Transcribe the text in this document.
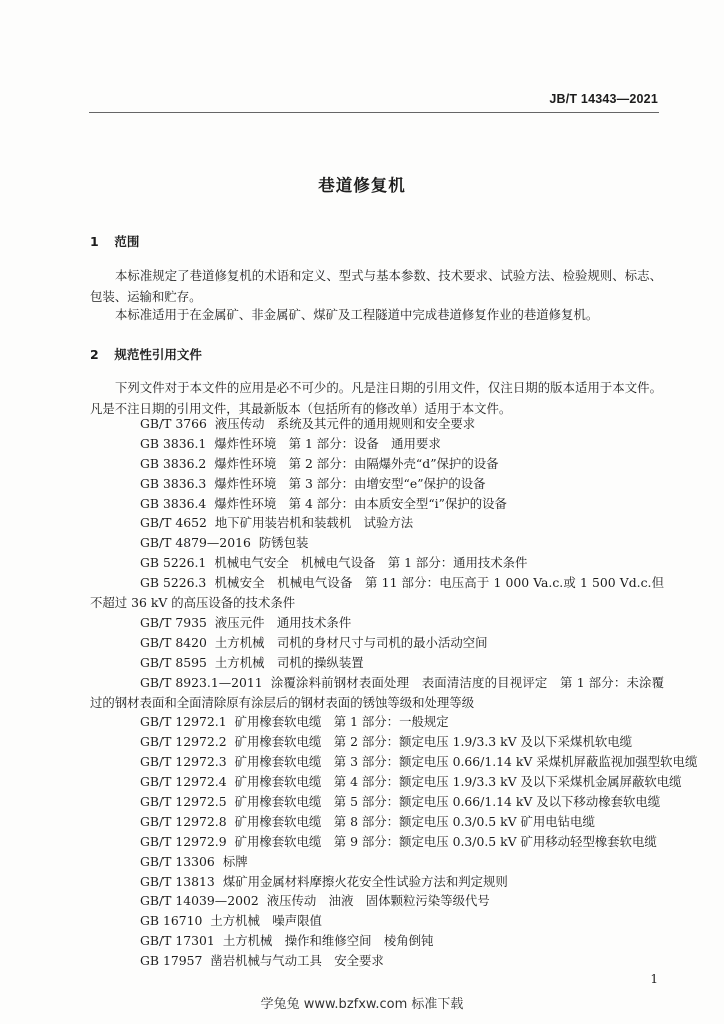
JB/T 14343—2021
巷道修复机
1 范围

本标准规定了巷道修复机的术语和定义、型式与基本参数、技术要求、试验方法、检验规则、标志、包装、运输和贮存。

本标准适用于在金属矿、非金属矿、煤矿及工程隧道中完成巷道修复作业的巷道修复机。

2 规范性引用文件

下列文件对于本文件的应用是必不可少的。凡是注日期的引用文件，仅注日期的版本适用于本文件。凡是不注日期的引用文件，其最新版本（包括所有的修改单）适用于本文件。

GB/T 3766 液压传动　系统及其元件的通用规则和安全要求

GB 3836.1 爆炸性环境　第 1 部分：设备　通用要求

GB 3836.2 爆炸性环境　第 2 部分：由隔爆外壳“d”保护的设备

GB 3836.3 爆炸性环境　第 3 部分：由增安型“e”保护的设备

GB 3836.4 爆炸性环境　第 4 部分：由本质安全型“i”保护的设备

GB/T 4652 地下矿用装岩机和装载机　试验方法

GB/T 4879—2016 防锈包装

GB 5226.1 机械电气安全　机械电气设备　第 1 部分：通用技术条件

GB 5226.3 机械安全　机械电气设备　第 11 部分：电压高于 1 000 Va.c.或 1 500 Vd.c.但不超过 36 kV 的高压设备的技术条件

GB/T 7935 液压元件　通用技术条件

GB/T 8420 土方机械　司机的身材尺寸与司机的最小活动空间

GB/T 8595 土方机械　司机的操纵装置

GB/T 8923.1—2011 涂覆涂料前钢材表面处理　表面清洁度的目视评定　第 1 部分：未涂覆过的钢材表面和全面清除原有涂层后的钢材表面的锈蚀等级和处理等级

GB/T 12972.1 矿用橡套软电缆　第 1 部分：一般规定

GB/T 12972.2 矿用橡套软电缆　第 2 部分：额定电压 1.9/3.3 kV 及以下采煤机软电缆

GB/T 12972.3 矿用橡套软电缆　第 3 部分：额定电压 0.66/1.14 kV 采煤机屏蔽监视加强型软电缆

GB/T 12972.4 矿用橡套软电缆　第 4 部分：额定电压 1.9/3.3 kV 及以下采煤机金属屏蔽软电缆

GB/T 12972.5 矿用橡套软电缆　第 5 部分：额定电压 0.66/1.14 kV 及以下移动橡套软电缆

GB/T 12972.8 矿用橡套软电缆　第 8 部分：额定电压 0.3/0.5 kV 矿用电钻电缆

GB/T 12972.9 矿用橡套软电缆　第 9 部分：额定电压 0.3/0.5 kV 矿用移动轻型橡套软电缆

GB/T 13306 标牌

GB/T 13813 煤矿用金属材料摩擦火花安全性试验方法和判定规则

GB/T 14039—2002 液压传动　油液　固体颗粒污染等级代号

GB 16710 土方机械　噪声限值

GB/T 17301 土方机械　操作和维修空间　棱角倒钝

GB 17957 凿岩机械与气动工具　安全要求

1
学兔兔 www.bzfxw.com 标准下载
